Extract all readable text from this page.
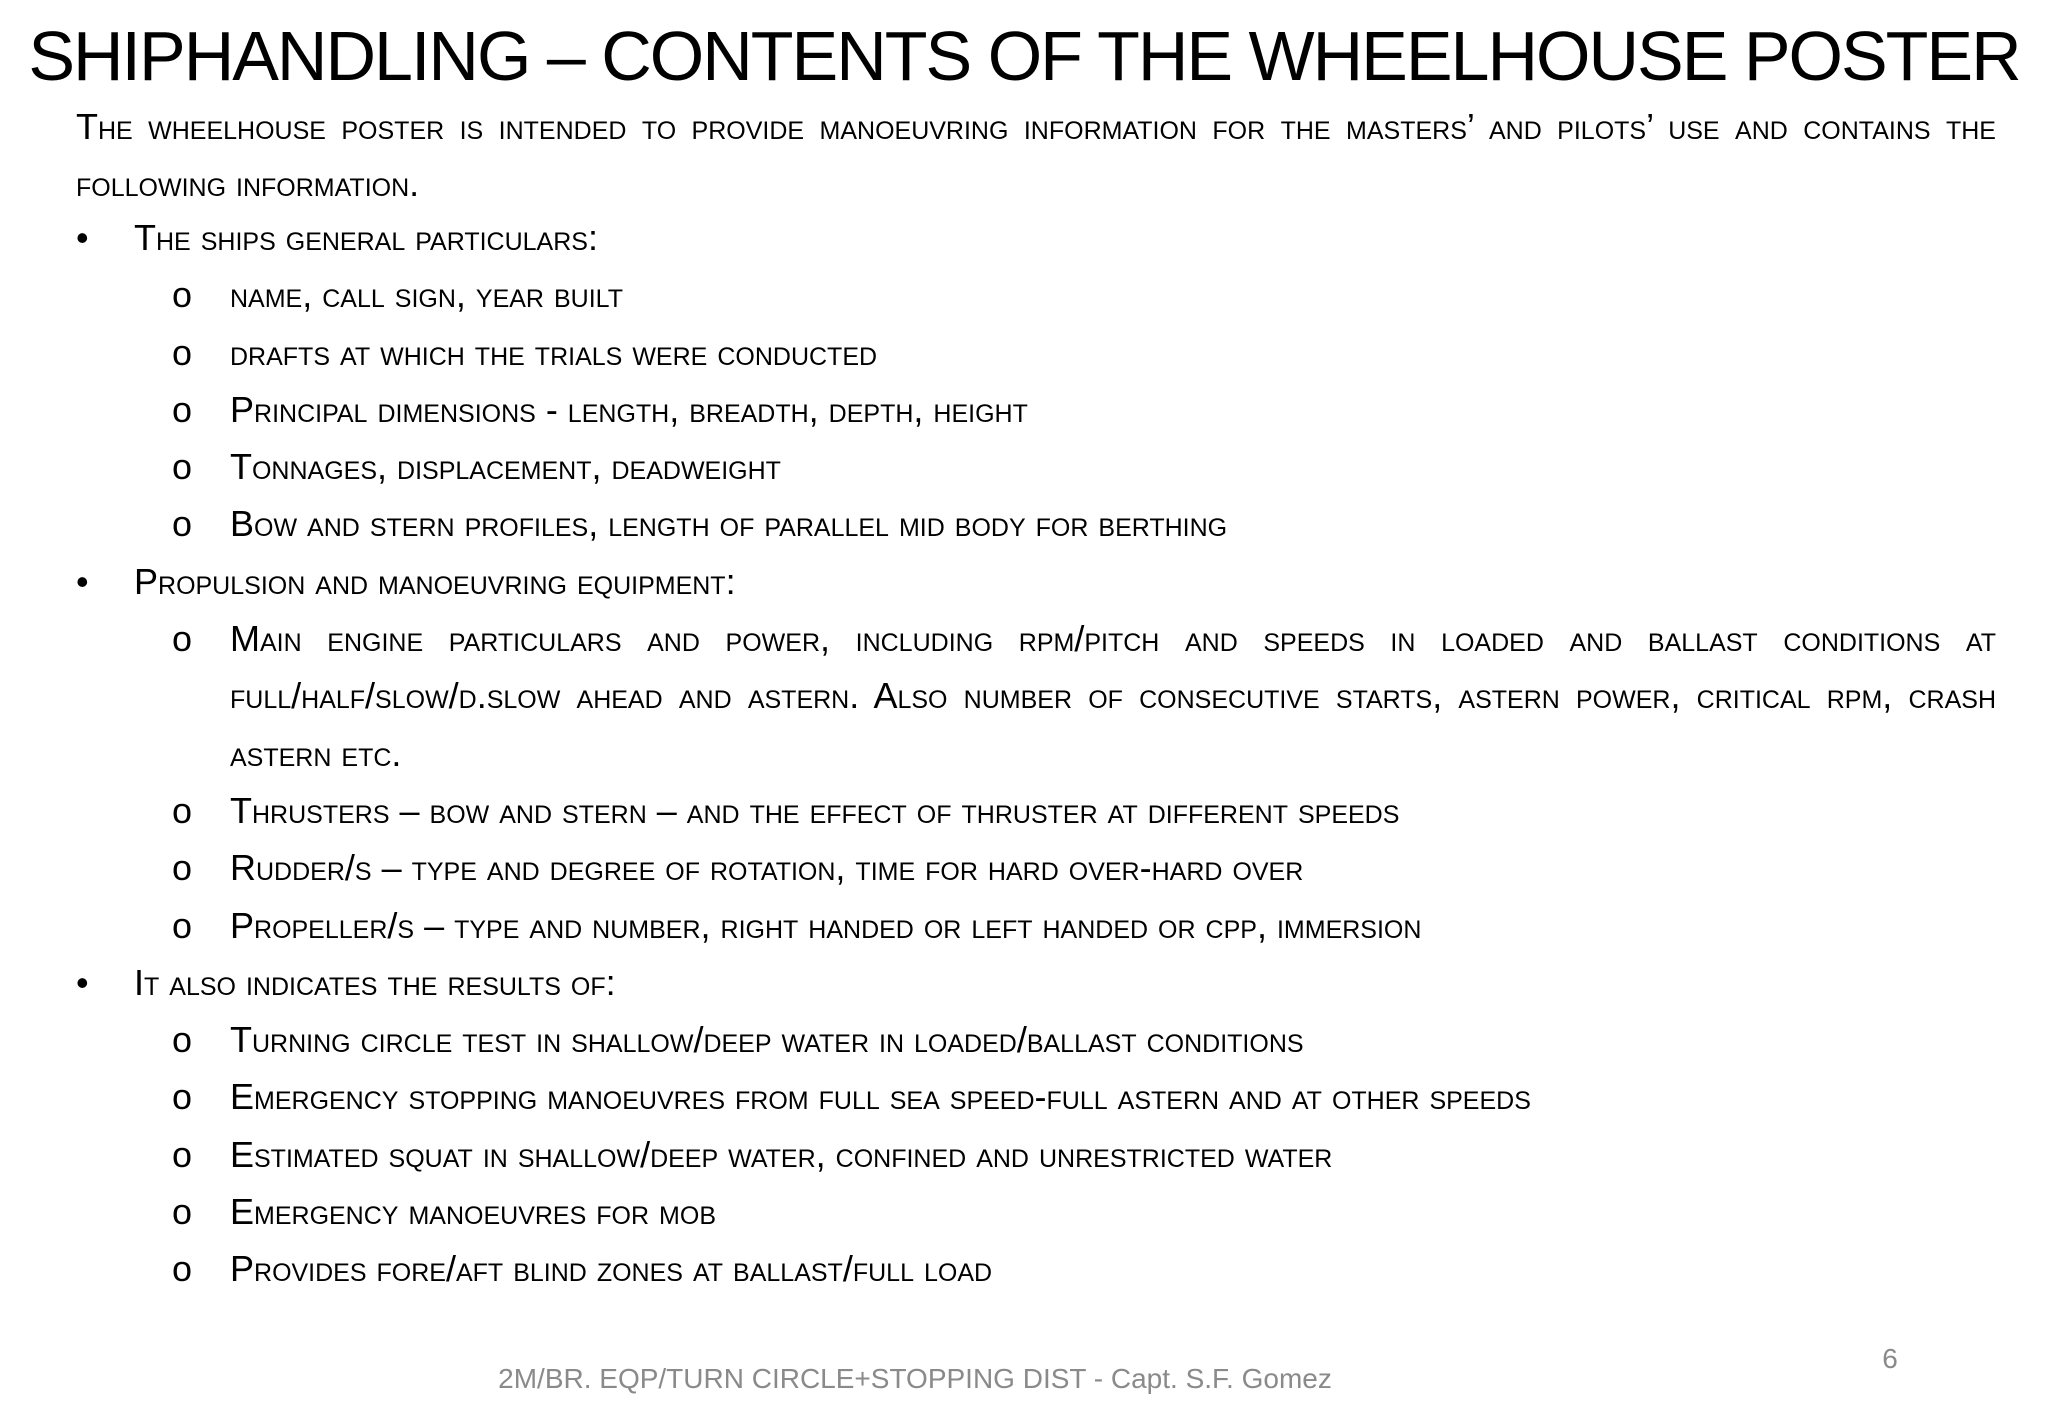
SHIPHANDLING – CONTENTS OF THE WHEELHOUSE POSTER
The wheelhouse poster is intended to provide manoeuvring information for the masters’ and pilots’ use and contains the following information.
•	The ships general particulars:
o name, call sign, year built
o drafts at which the trials were conducted
o Principal dimensions - length, breadth, depth, height
o Tonnages, displacement, deadweight
o Bow and stern profiles, length of parallel mid body for berthing
•	Propulsion and manoeuvring equipment:
o Main engine particulars and power, including rpm/pitch and speeds in loaded and ballast conditions at full/half/slow/d.slow ahead and astern. Also number of consecutive starts, astern power, critical rpm, crash astern etc.
o Thrusters – bow and stern – and the effect of thruster at different speeds
o Rudder/s – type and degree of rotation, time for hard over-hard over
o Propeller/s – type and number, right handed or left handed or cpp, immersion
•	It also indicates the results of:
o Turning circle test in shallow/deep water in loaded/ballast conditions
o Emergency stopping manoeuvres from full sea speed-full astern and at other speeds
o Estimated squat in shallow/deep water, confined and unrestricted water
o Emergency manoeuvres for mob
o Provides fore/aft blind zones at ballast/full load
2M/BR. EQP/TURN CIRCLE+STOPPING DIST - Capt. S.F. Gomez
6
